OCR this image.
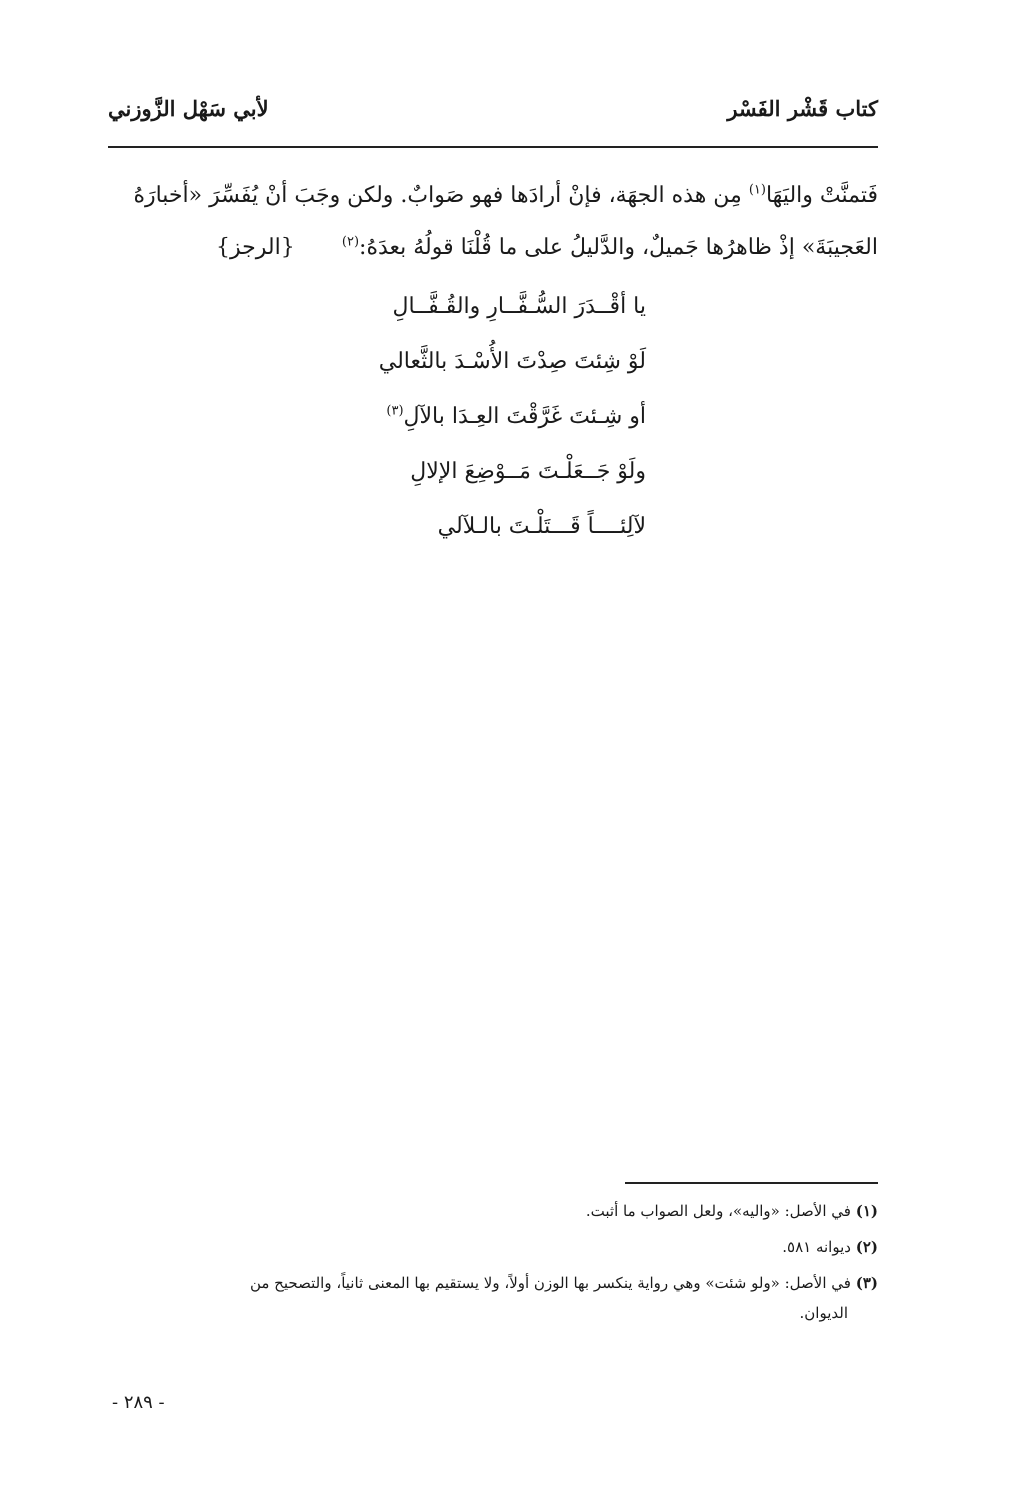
كتاب قَشْر الفَسْر
لأبي سَهْل الزَّوزني
فَتمنَّتْ واليَهَا$^{(١)}$ مِن هذه الجهَة، فإنْ أرادَها فهو صَوابٌ. ولكن وجَبَ أنْ يُفَسِّرَ «أخبارَهُ
العَجيبَةَ» إذْ ظاهرُها جَميلٌ، والدَّليلُ على ما قُلْنَا قولُهُ بعدَهُ:$^{(٢)}$
{الرجز}
يا أقْــدَرَ السُّـفَّــارِ والقُـفَّــالِ
لَوْ شِئتَ صِدْتَ الأُسْـدَ بالثَّعالي
أو شِـئتَ غَرَّقْتَ العِـدَا بالآلِ$^{(٣)}$
ولَوْ جَــعَلْـتَ مَــوْضِعَ الإلالِ
لآلِئــــاً قَـــتَلْـتَ بالـلآلي
(١) في الأصل: «واليه»، ولعل الصواب ما أثبت.
(٢) ديوانه ٥٨١.
(٣) في الأصل: «ولو شئت» وهي رواية ينكسر بها الوزن أولاً، ولا يستقيم بها المعنى ثانياً، والتصحيح من
الديوان.
- ٢٨٩ -
